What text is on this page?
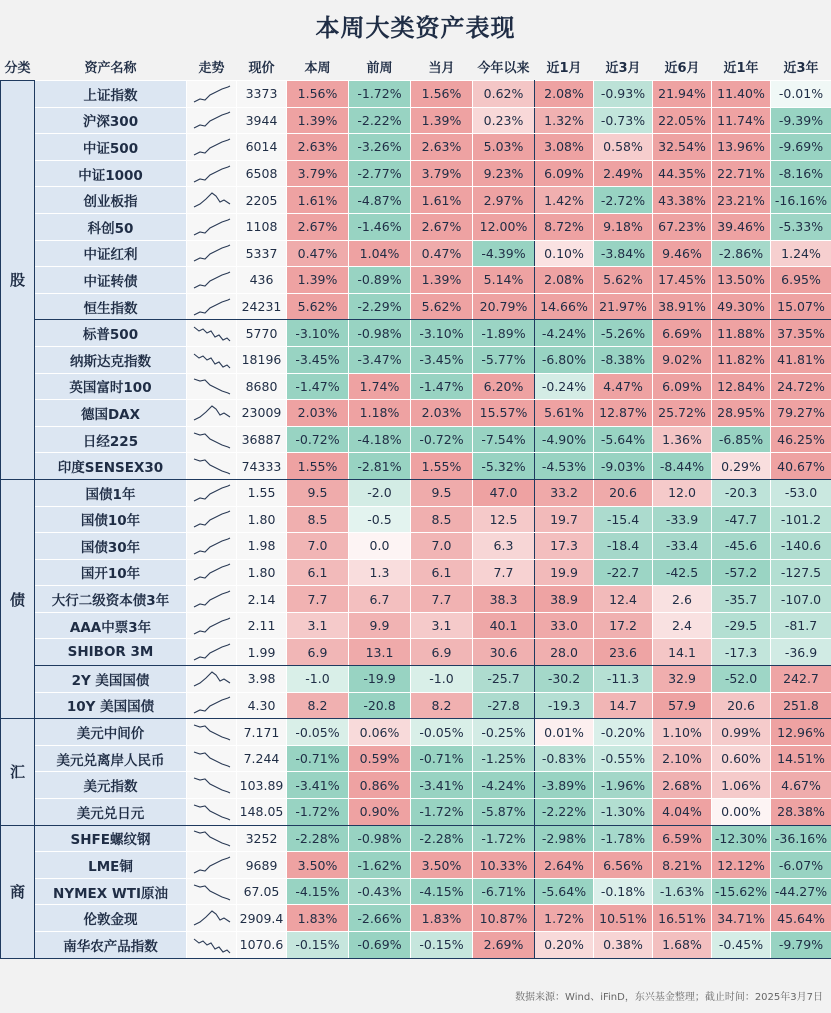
本周大类资产表现
分类	资产名称	走势	现价	本周	前周	当月	今年以来	近1月	近3月	近6月	近1年	近3年
股	上证指数		3373	1.56%	-1.72%	1.56%	0.62%	2.08%	-0.93%	21.94%	11.40%	-0.01%
	沪深300		3944	1.39%	-2.22%	1.39%	0.23%	1.32%	-0.73%	22.05%	11.74%	-9.39%
	中证500		6014	2.63%	-3.26%	2.63%	5.03%	3.08%	0.58%	32.54%	13.96%	-9.69%
	中证1000		6508	3.79%	-2.77%	3.79%	9.23%	6.09%	2.49%	44.35%	22.71%	-8.16%
	创业板指		2205	1.61%	-4.87%	1.61%	2.97%	1.42%	-2.72%	43.38%	23.21%	-16.16%
	科创50		1108	2.67%	-1.46%	2.67%	12.00%	8.72%	9.18%	67.23%	39.46%	-5.33%
	中证红利		5337	0.47%	1.04%	0.47%	-4.39%	0.10%	-3.84%	9.46%	-2.86%	1.24%
	中证转债		436	1.39%	-0.89%	1.39%	5.14%	2.08%	5.62%	17.45%	13.50%	6.95%
	恒生指数		24231	5.62%	-2.29%	5.62%	20.79%	14.66%	21.97%	38.91%	49.30%	15.07%
	标普500		5770	-3.10%	-0.98%	-3.10%	-1.89%	-4.24%	-5.26%	6.69%	11.88%	37.35%
	纳斯达克指数		18196	-3.45%	-3.47%	-3.45%	-5.77%	-6.80%	-8.38%	9.02%	11.82%	41.81%
	英国富时100		8680	-1.47%	1.74%	-1.47%	6.20%	-0.24%	4.47%	6.09%	12.84%	24.72%
	德国DAX		23009	2.03%	1.18%	2.03%	15.57%	5.61%	12.87%	25.72%	28.95%	79.27%
	日经225		36887	-0.72%	-4.18%	-0.72%	-7.54%	-4.90%	-5.64%	1.36%	-6.85%	46.25%
	印度SENSEX30		74333	1.55%	-2.81%	1.55%	-5.32%	-4.53%	-9.03%	-8.44%	0.29%	40.67%
债	国债1年		1.55	9.5	-2.0	9.5	47.0	33.2	20.6	12.0	-20.3	-53.0
	国债10年		1.80	8.5	-0.5	8.5	12.5	19.7	-15.4	-33.9	-47.7	-101.2
	国债30年		1.98	7.0	0.0	7.0	6.3	17.3	-18.4	-33.4	-45.6	-140.6
	国开10年		1.80	6.1	1.3	6.1	7.7	19.9	-22.7	-42.5	-57.2	-127.5
	大行二级资本债3年		2.14	7.7	6.7	7.7	38.3	38.9	12.4	2.6	-35.7	-107.0
	AAA中票3年		2.11	3.1	9.9	3.1	40.1	33.0	17.2	2.4	-29.5	-81.7
	SHIBOR 3M		1.99	6.9	13.1	6.9	30.6	28.0	23.6	14.1	-17.3	-36.9
	2Y 美国国债		3.98	-1.0	-19.9	-1.0	-25.7	-30.2	-11.3	32.9	-52.0	242.7
	10Y 美国国债		4.30	8.2	-20.8	8.2	-27.8	-19.3	14.7	57.9	20.6	251.8
汇	美元中间价		7.171	-0.05%	0.06%	-0.05%	-0.25%	0.01%	-0.20%	1.10%	0.99%	12.96%
	美元兑离岸人民币		7.244	-0.71%	0.59%	-0.71%	-1.25%	-0.83%	-0.55%	2.10%	0.60%	14.51%
	美元指数		103.89	-3.41%	0.86%	-3.41%	-4.24%	-3.89%	-1.96%	2.68%	1.06%	4.67%
	美元兑日元		148.05	-1.72%	0.90%	-1.72%	-5.87%	-2.22%	-1.30%	4.04%	0.00%	28.38%
商	SHFE螺纹钢		3252	-2.28%	-0.98%	-2.28%	-1.72%	-2.98%	-1.78%	6.59%	-12.30%	-36.16%
	LME铜		9689	3.50%	-1.62%	3.50%	10.33%	2.64%	6.56%	8.21%	12.12%	-6.07%
	NYMEX WTI原油		67.05	-4.15%	-0.43%	-4.15%	-6.71%	-5.64%	-0.18%	-1.63%	-15.62%	-44.27%
	伦敦金现		2909.4	1.83%	-2.66%	1.83%	10.87%	1.72%	10.51%	16.51%	34.71%	45.64%
	南华农产品指数		1070.6	-0.15%	-0.69%	-0.15%	2.69%	0.20%	0.38%	1.68%	-0.45%	-9.79%
数据来源：Wind、iFinD，东兴基金整理；截止时间：2025年3月7日
